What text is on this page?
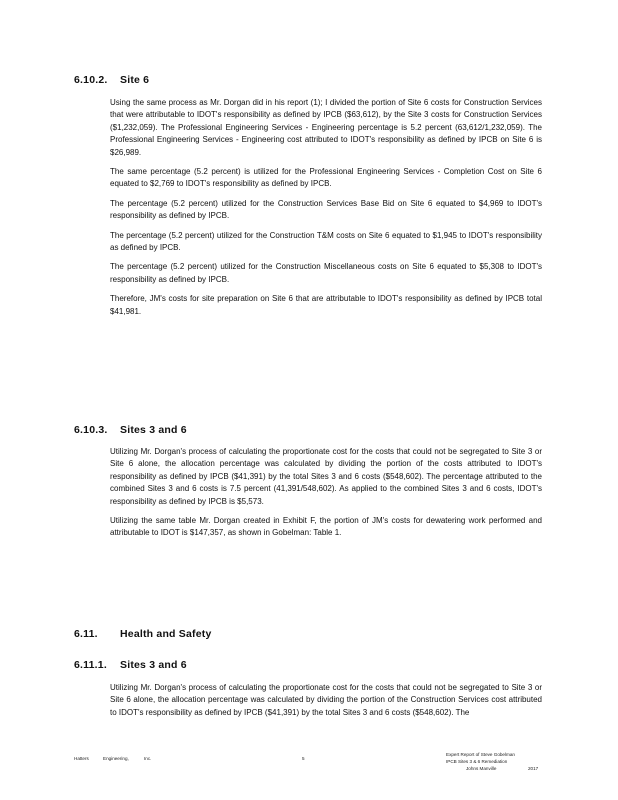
6.10.2. Site 6

Using the same process as Mr. Dorgan did in his report (1); I divided the portion of Site 6 costs for Construction Services that were attributable to IDOT's responsibility as defined by IPCB ($63,612), by the Site 3 costs for Construction Services ($1,232,059). The Professional Engineering Services - Engineering percentage is 5.2 percent (63,612/1,232,059). The Professional Engineering Services - Engineering cost attributed to IDOT's responsibility as defined by IPCB on Site 6 is $26,989.

The same percentage (5.2 percent) is utilized for the Professional Engineering Services - Completion Cost on Site 6 equated to $2,769 to IDOT's responsibility as defined by IPCB.

The percentage (5.2 percent) utilized for the Construction Services Base Bid on Site 6 equated to $4,969 to IDOT's responsibility as defined by IPCB.

The percentage (5.2 percent) utilized for the Construction T&M costs on Site 6 equated to $1,945 to IDOT's responsibility as defined by IPCB.

The percentage (5.2 percent) utilized for the Construction Miscellaneous costs on Site 6 equated to $5,308 to IDOT's responsibility as defined by IPCB.

Therefore, JM's costs for site preparation on Site 6 that are attributable to IDOT's responsibility as defined by IPCB total $41,981.

6.10.3. Sites 3 and 6

Utilizing Mr. Dorgan's process of calculating the proportionate cost for the costs that could not be segregated to Site 3 or Site 6 alone, the allocation percentage was calculated by dividing the portion of the costs attributed to IDOT's responsibility as defined by IPCB ($41,391) by the total Sites 3 and 6 costs ($548,602). The percentage attributed to the combined Sites 3 and 6 costs is 7.5 percent (41,391/548,602). As applied to the combined Sites 3 and 6 costs, IDOT's responsibility as defined by IPCB is $5,573.

Utilizing the same table Mr. Dorgan created in Exhibit F, the portion of JM's costs for dewatering work performed and attributable to IDOT is $147,357, as shown in Gobelman: Table 1.

6.11. Health and Safety
6.11.1. Sites 3 and 6

Utilizing Mr. Dorgan's process of calculating the proportionate cost for the costs that could not be segregated to Site 3 or Site 6 alone, the allocation percentage was calculated by dividing the portion of the Construction Services cost attributed to IDOT's responsibility as defined by IPCB ($41,391) by the total Sites 3 and 6 costs ($548,602). The

Hatters	Engineering,	Inc.	5
Expert Report of Steve Gobelman
IPCB Sites 3 & 6 Remediation
Johns Manville	2017
